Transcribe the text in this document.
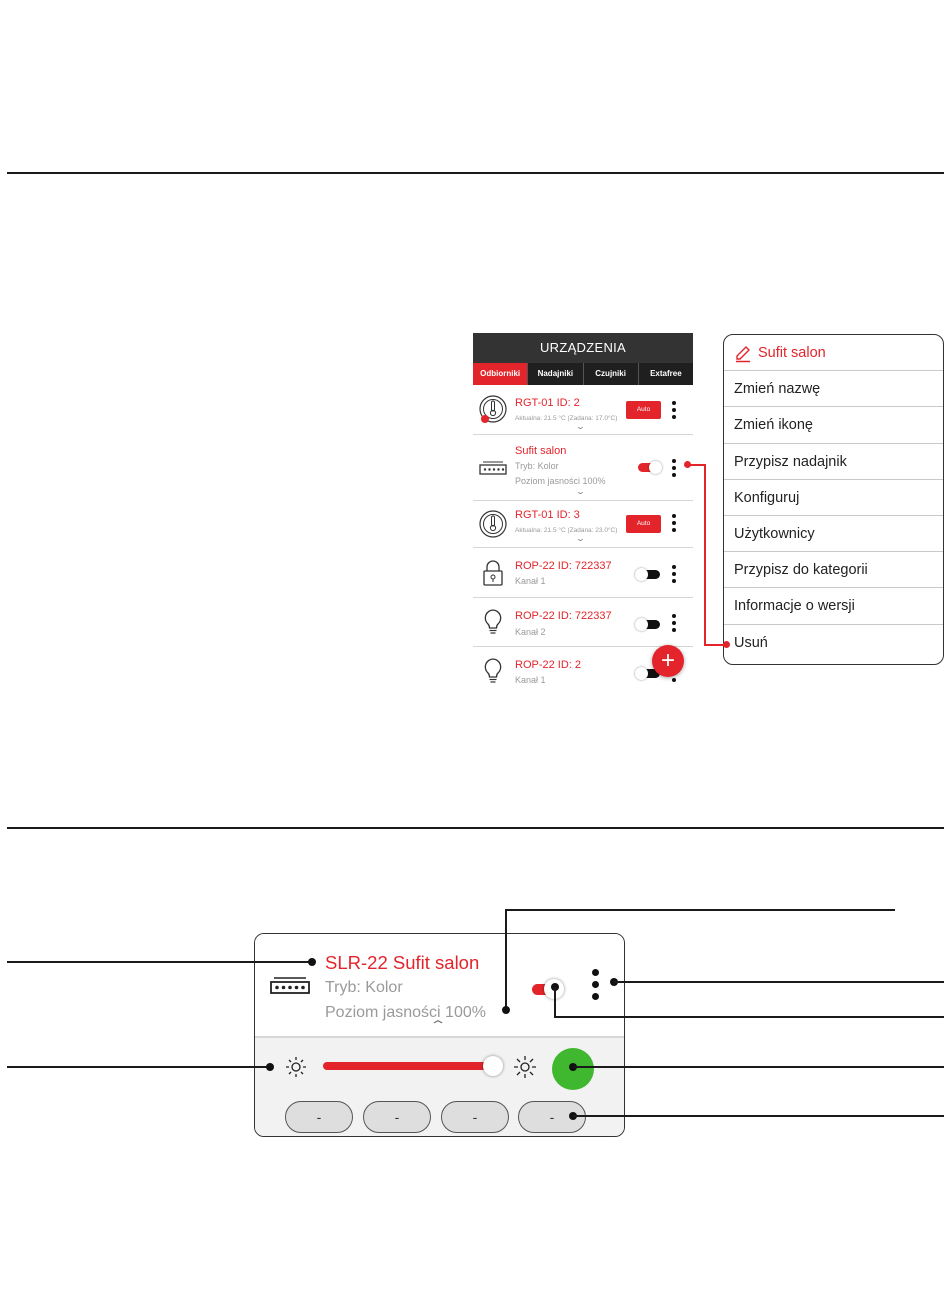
URZĄDZENIA
Odbiorniki	Nadajniki	Czujniki	Extafree
RGT-01 ID: 2
Aktualna: 21.5 °C (Zadana: 17.0°C)
⌄
Auto
Sufit salon
Tryb: Kolor
Poziom jasności 100%
⌄
RGT-01 ID: 3
Aktualna: 21.5 °C (Zadana: 23.0°C)
⌄
Auto
ROP-22 ID: 722337
Kanał 1
ROP-22 ID: 722337
Kanał 2
ROP-22 ID: 2
Kanał 1
+
Sufit salon
Zmień nazwę
Zmień ikonę
Przypisz nadajnik
Konfiguruj
Użytkownicy
Przypisz do kategorii
Informacje o wersji
Usuń
SLR-22 Sufit salon
Tryb: Kolor
Poziom jasności 100%
⌃
-	-	-	-
